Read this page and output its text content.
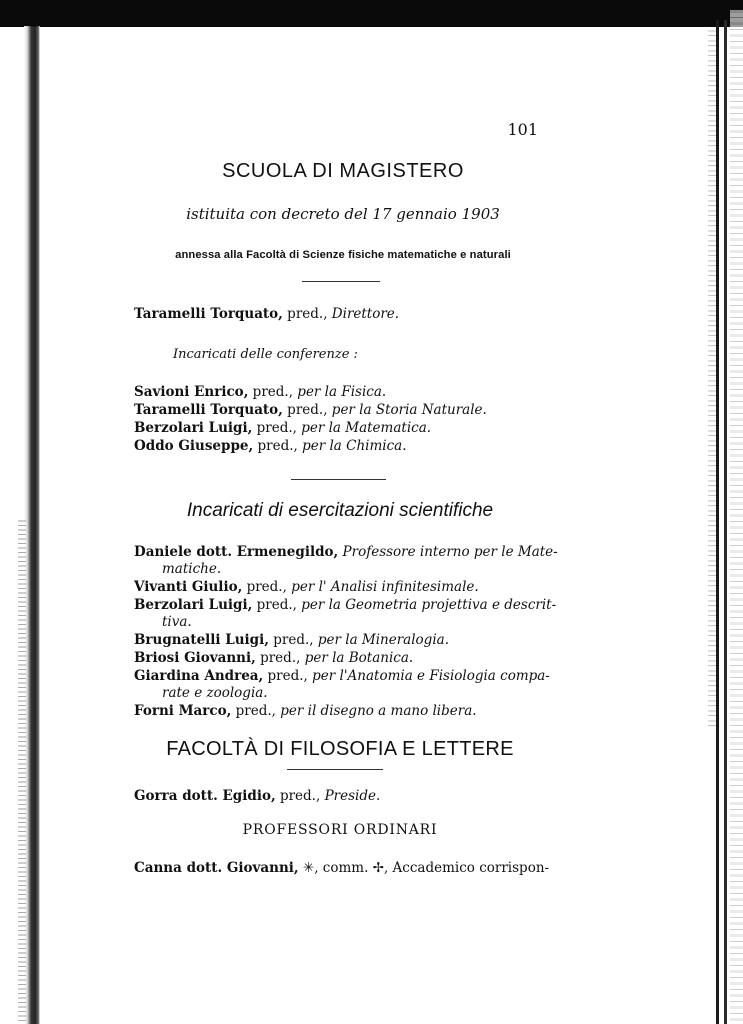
101
SCUOLA DI MAGISTERO
istituita con decreto del 17 gennaio 1903
annessa alla Facoltà di Scienze fisiche matematiche e naturali
Taramelli Torquato, pred., Direttore.
Incaricati delle conferenze :
Savioni Enrico, pred., per la Fisica.
Taramelli Torquato, pred., per la Storia Naturale.
Berzolari Luigi, pred., per la Matematica.
Oddo Giuseppe, pred., per la Chimica.
Incaricati di esercitazioni scientifiche
Daniele dott. Ermenegildo, Professore interno per le Mate-
matiche.
Vivanti Giulio, pred., per l' Analisi infinitesimale.
Berzolari Luigi, pred., per la Geometria projettiva e descrit-
tiva.
Brugnatelli Luigi, pred., per la Mineralogia.
Briosi Giovanni, pred., per la Botanica.
Giardina Andrea, pred., per l'Anatomia e Fisiologia compa-
rate e zoologia.
Forni Marco, pred., per il disegno a mano libera.
FACOLTÀ DI FILOSOFIA E LETTERE
Gorra dott. Egidio, pred., Preside.
PROFESSORI ORDINARI
Canna dott. Giovanni, ✳, comm. ✢, Accademico corrispon-
